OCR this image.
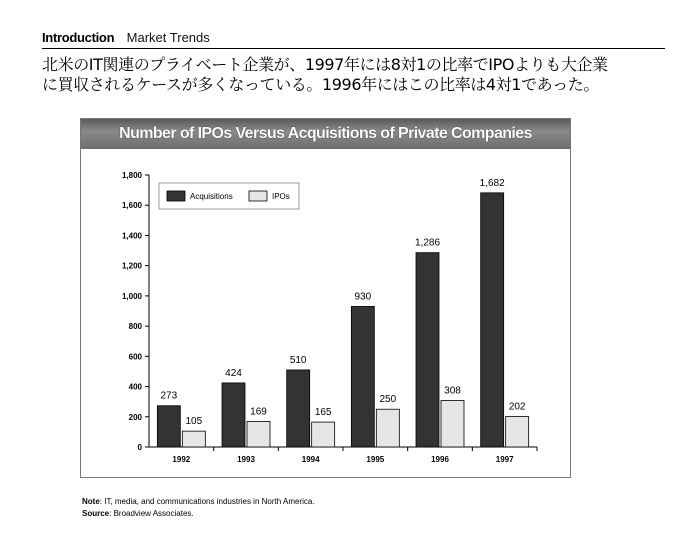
Introduction Market Trends
北米のIT関連のプライベート企業が、1997年には8対1の比率でIPOよりも大企業
に買収されるケースが多くなっている。1996年にはこの比率は4対1であった。
Number of IPOs Versus Acquisitions of Private Companies
0
200
400
600
800
1,000
1,200
1,400
1,600
1,800
273
105
1992
424
169
1993
510
165
1994
930
250
1995
1,286
308
1996
1,682
202
1997
Acquisitions	IPOs
Note: IT, media, and communications industries in North America.
Source: Broadview Associates.
